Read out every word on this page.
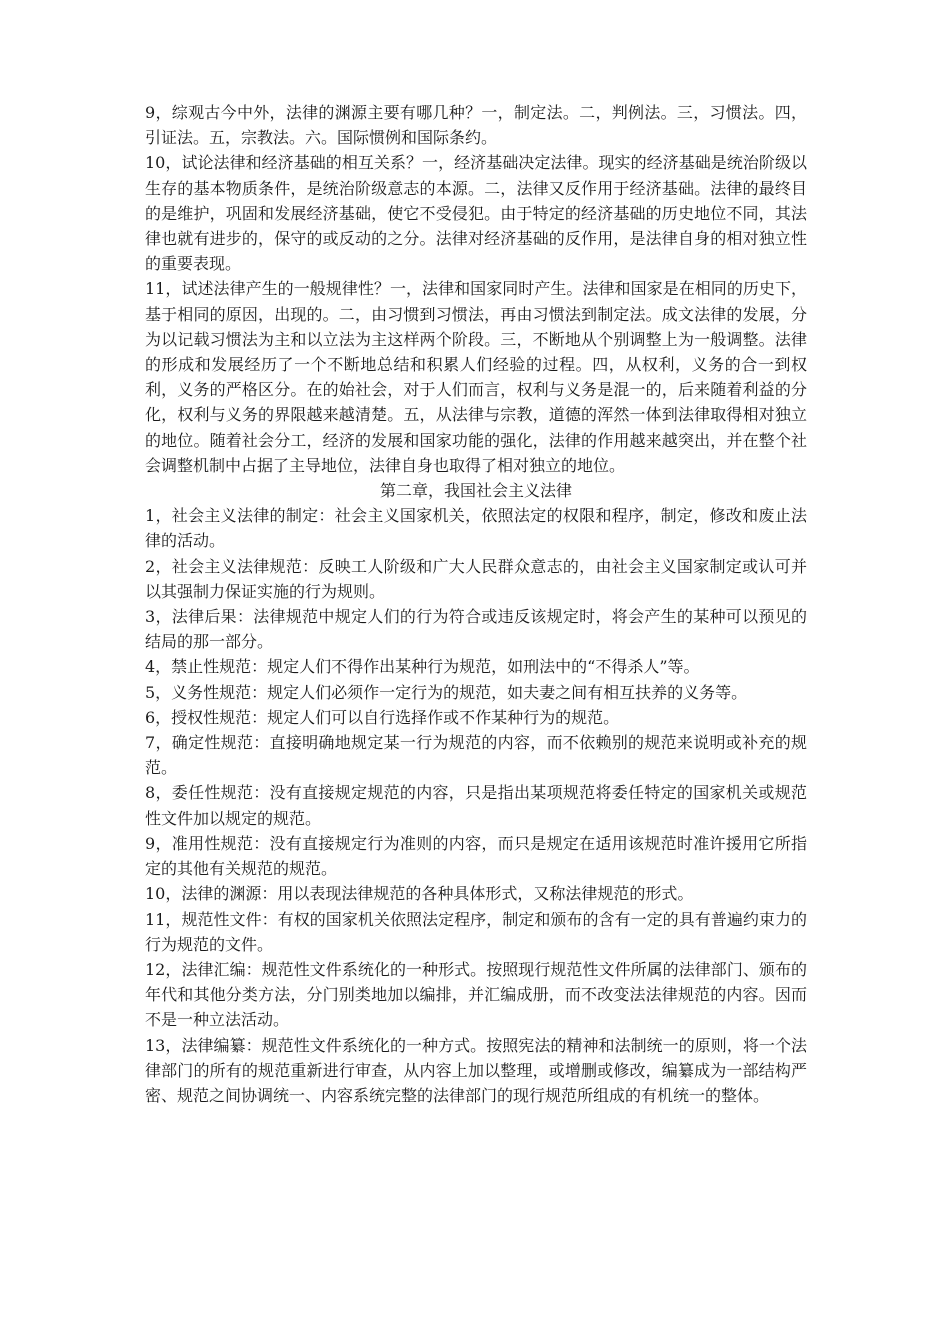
9，综观古今中外，法律的渊源主要有哪几种？一，制定法。二，判例法。三，习惯法。四，引证法。五，宗教法。六。国际惯例和国际条约。

10，试论法律和经济基础的相互关系？一，经济基础决定法律。现实的经济基础是统治阶级以生存的基本物质条件，是统治阶级意志的本源。二，法律又反作用于经济基础。法律的最终目的是维护，巩固和发展经济基础，使它不受侵犯。由于特定的经济基础的历史地位不同，其法律也就有进步的，保守的或反动的之分。法律对经济基础的反作用，是法律自身的相对独立性的重要表现。

11，试述法律产生的一般规律性？一，法律和国家同时产生。法律和国家是在相同的历史下，基于相同的原因，出现的。二，由习惯到习惯法，再由习惯法到制定法。成文法律的发展，分为以记载习惯法为主和以立法为主这样两个阶段。三，不断地从个别调整上为一般调整。法律的形成和发展经历了一个不断地总结和积累人们经验的过程。四，从权利，义务的合一到权利，义务的严格区分。在的始社会，对于人们而言，权利与义务是混一的，后来随着利益的分化，权利与义务的界限越来越清楚。五，从法律与宗教，道德的浑然一体到法律取得相对独立的地位。随着社会分工，经济的发展和国家功能的强化，法律的作用越来越突出，并在整个社会调整机制中占据了主导地位，法律自身也取得了相对独立的地位。

第二章，我国社会主义法律

1，社会主义法律的制定：社会主义国家机关，依照法定的权限和程序，制定，修改和废止法律的活动。

2，社会主义法律规范：反映工人阶级和广大人民群众意志的，由社会主义国家制定或认可并以其强制力保证实施的行为规则。

3，法律后果：法律规范中规定人们的行为符合或违反该规定时，将会产生的某种可以预见的结局的那一部分。

4，禁止性规范：规定人们不得作出某种行为规范，如刑法中的“不得杀人”等。

5，义务性规范：规定人们必须作一定行为的规范，如夫妻之间有相互扶养的义务等。

6，授权性规范：规定人们可以自行选择作或不作某种行为的规范。

7，确定性规范：直接明确地规定某一行为规范的内容，而不依赖别的规范来说明或补充的规范。

8，委任性规范：没有直接规定规范的内容，只是指出某项规范将委任特定的国家机关或规范性文件加以规定的规范。

9，准用性规范：没有直接规定行为准则的内容，而只是规定在适用该规范时准许援用它所指定的其他有关规范的规范。

10，法律的渊源：用以表现法律规范的各种具体形式，又称法律规范的形式。

11，规范性文件：有权的国家机关依照法定程序，制定和颁布的含有一定的具有普遍约束力的行为规范的文件。

12，法律汇编：规范性文件系统化的一种形式。按照现行规范性文件所属的法律部门、颁布的年代和其他分类方法，分门别类地加以编排，并汇编成册，而不改变法法律规范的内容。因而不是一种立法活动。

13，法律编纂：规范性文件系统化的一种方式。按照宪法的精神和法制统一的原则，将一个法律部门的所有的规范重新进行审查，从内容上加以整理，或增删或修改，编纂成为一部结构严密、规范之间协调统一、内容系统完整的法律部门的现行规范所组成的有机统一的整体。
